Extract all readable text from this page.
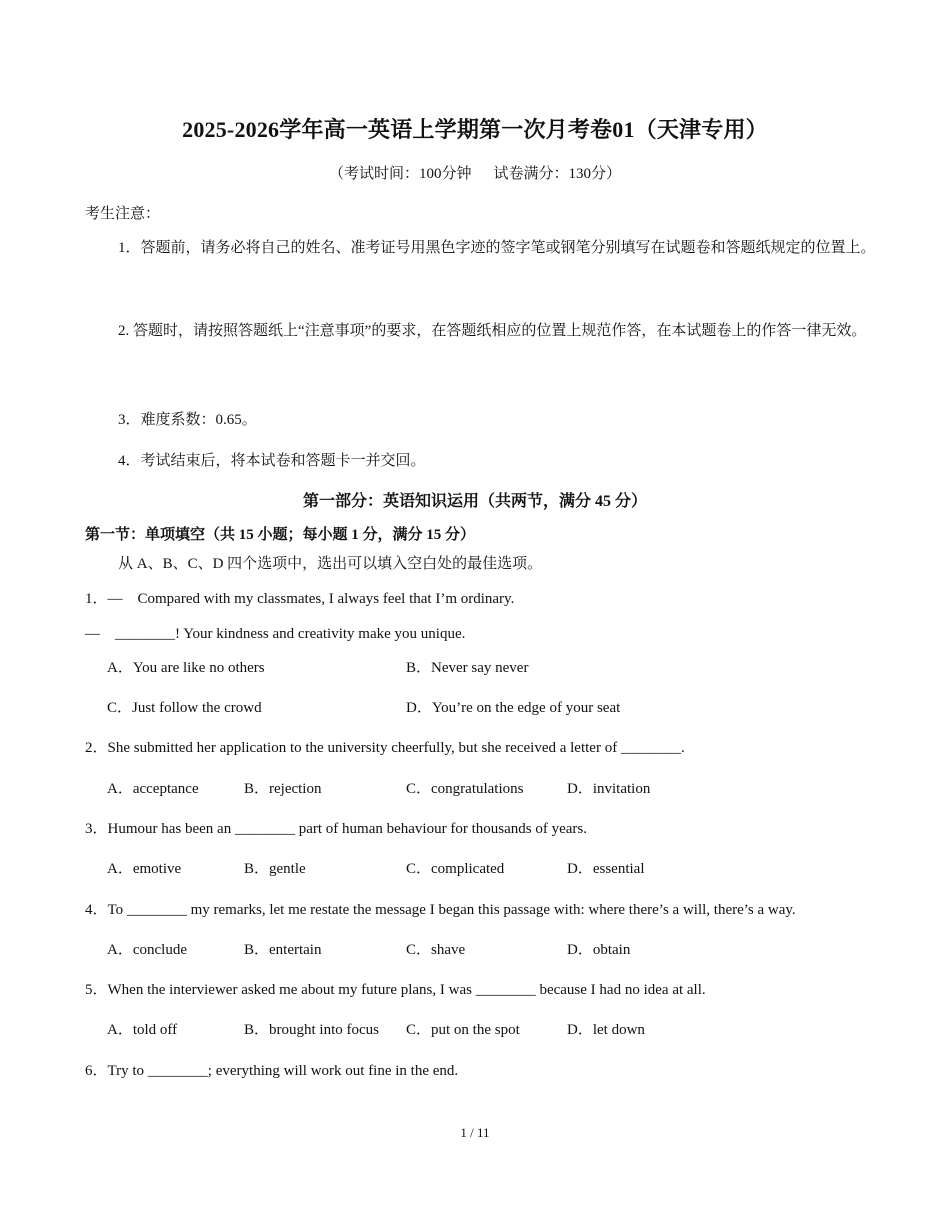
2025-2026学年高一英语上学期第一次月考卷01（天津专用）
（考试时间：100分钟 试卷满分：130分）
考生注意：
1．答题前，请务必将自己的姓名、准考证号用黑色字迹的签字笔或钢笔分别填写在试题卷和答题纸规定的位置上。
2. 答题时，请按照答题纸上“注意事项”的要求，在答题纸相应的位置上规范作答，在本试题卷上的作答一律无效。
3．难度系数：0.65。
4．考试结束后，将本试卷和答题卡一并交回。
第一部分：英语知识运用（共两节，满分 45 分）
第一节：单项填空（共 15 小题；每小题 1 分，满分 15 分）
从 A、B、C、D 四个选项中，选出可以填入空白处的最佳选项。
1．—　Compared with my classmates, I always feel that I’m ordinary.
—　________! Your kindness and creativity make you unique.
A．You are like no others	B．Never say never
C．Just follow the crowd	D．You’re on the edge of your seat
2．She submitted her application to the university cheerfully, but she received a letter of ________.
A．acceptance	B．rejection	C．congratulations	D．invitation
3．Humour has been an ________ part of human behaviour for thousands of years.
A．emotive	B．gentle	C．complicated	D．essential
4．To ________ my remarks, let me restate the message I began this passage with: where there’s a will, there’s a way.
A．conclude	B．entertain	C．shave	D．obtain
5．When the interviewer asked me about my future plans, I was ________ because I had no idea at all.
A．told off	B．brought into focus C．put on the spot	D．let down
6．Try to ________; everything will work out fine in the end.
1 / 11
